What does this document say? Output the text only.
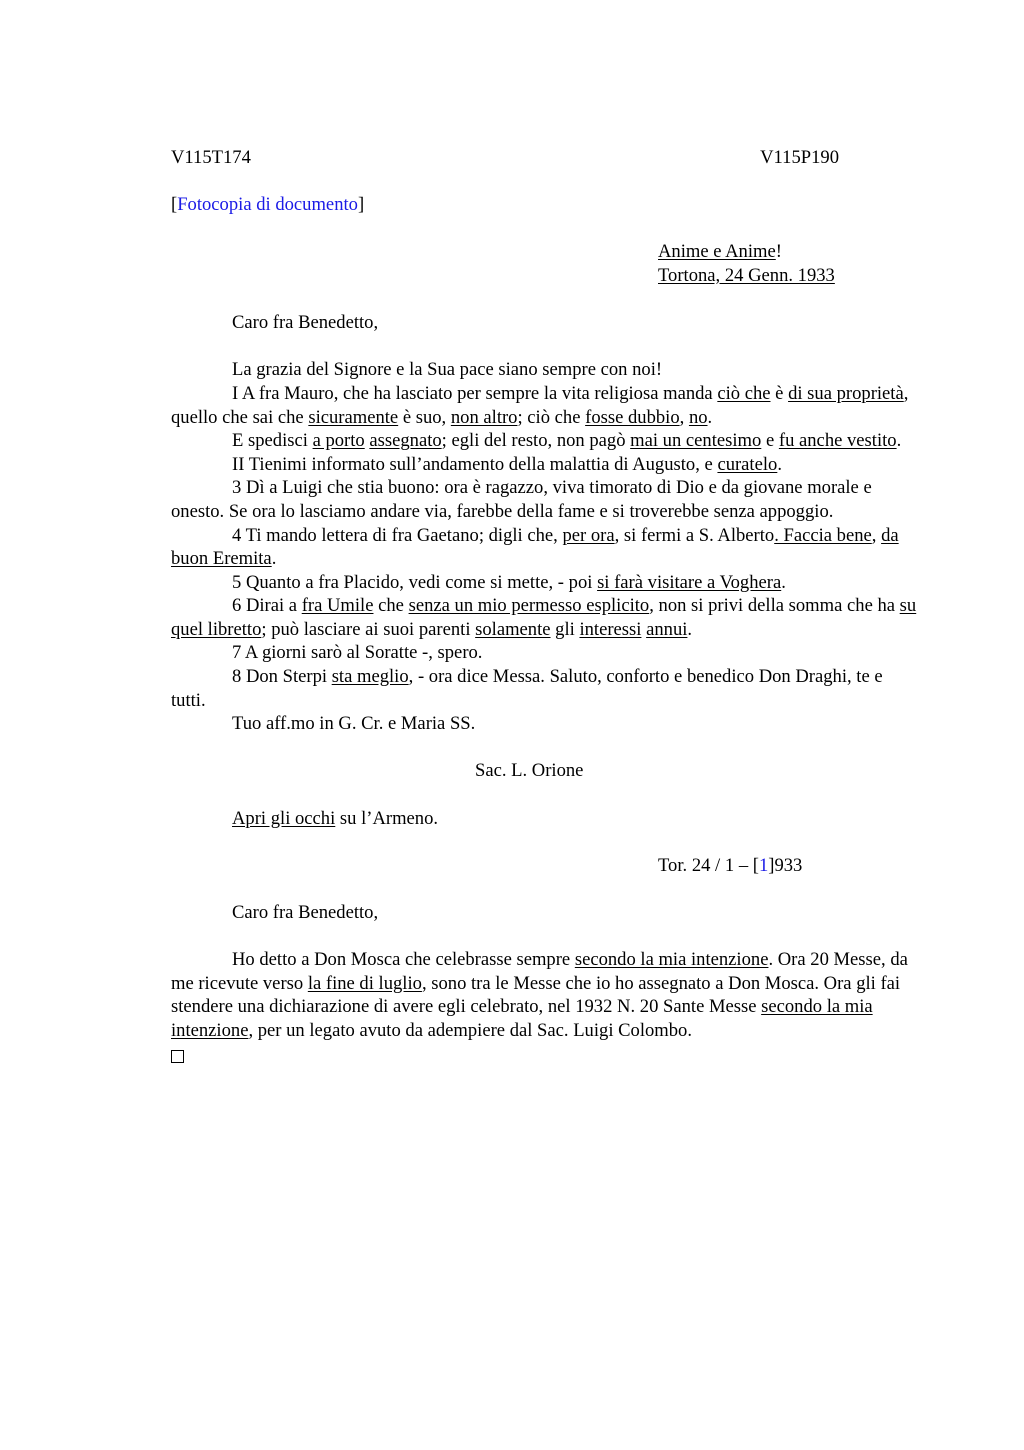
V115T174	V115P190

[Fotocopia di documento]

Anime e Anime!

Tortona, 24 Genn. 1933

Caro fra Benedetto,

La grazia del Signore e la Sua pace siano sempre con noi!

I A fra Mauro, che ha lasciato per sempre la vita religiosa manda ciò che è di sua proprietà, quello che sai che sicuramente è suo, non altro; ciò che fosse dubbio, no.

E spedisci a porto assegnato; egli del resto, non pagò mai un centesimo e fu anche vestito.

II Tienimi informato sull’andamento della malattia di Augusto, e curatelo.

3 Dì a Luigi che stia buono: ora è ragazzo, viva timorato di Dio e da giovane morale e onesto. Se ora lo lasciamo andare via, farebbe della fame e si troverebbe senza appoggio.

4 Ti mando lettera di fra Gaetano; digli che, per ora, si fermi a S. Alberto. Faccia bene, da buon Eremita.

5 Quanto a fra Placido, vedi come si mette, - poi si farà visitare a Voghera.

6 Dirai a fra Umile che senza un mio permesso esplicito, non si privi della somma che ha su quel libretto; può lasciare ai suoi parenti solamente gli interessi annui.

7 A giorni sarò al Soratte -, spero.

8 Don Sterpi sta meglio, - ora dice Messa. Saluto, conforto e benedico Don Draghi, te e tutti.

Tuo aff.mo in G. Cr. e Maria SS.

Sac. L. Orione

Apri gli occhi su l’Armeno.

Tor. 24 / 1 – [1]933

Caro fra Benedetto,

Ho detto a Don Mosca che celebrasse sempre secondo la mia intenzione. Ora 20 Messe, da me ricevute verso la fine di luglio, sono tra le Messe che io ho assegnato a Don Mosca. Ora gli fai stendere una dichiarazione di avere egli celebrato, nel 1932 N. 20 Sante Messe secondo la mia intenzione, per un legato avuto da adempiere dal Sac. Luigi Colombo.
